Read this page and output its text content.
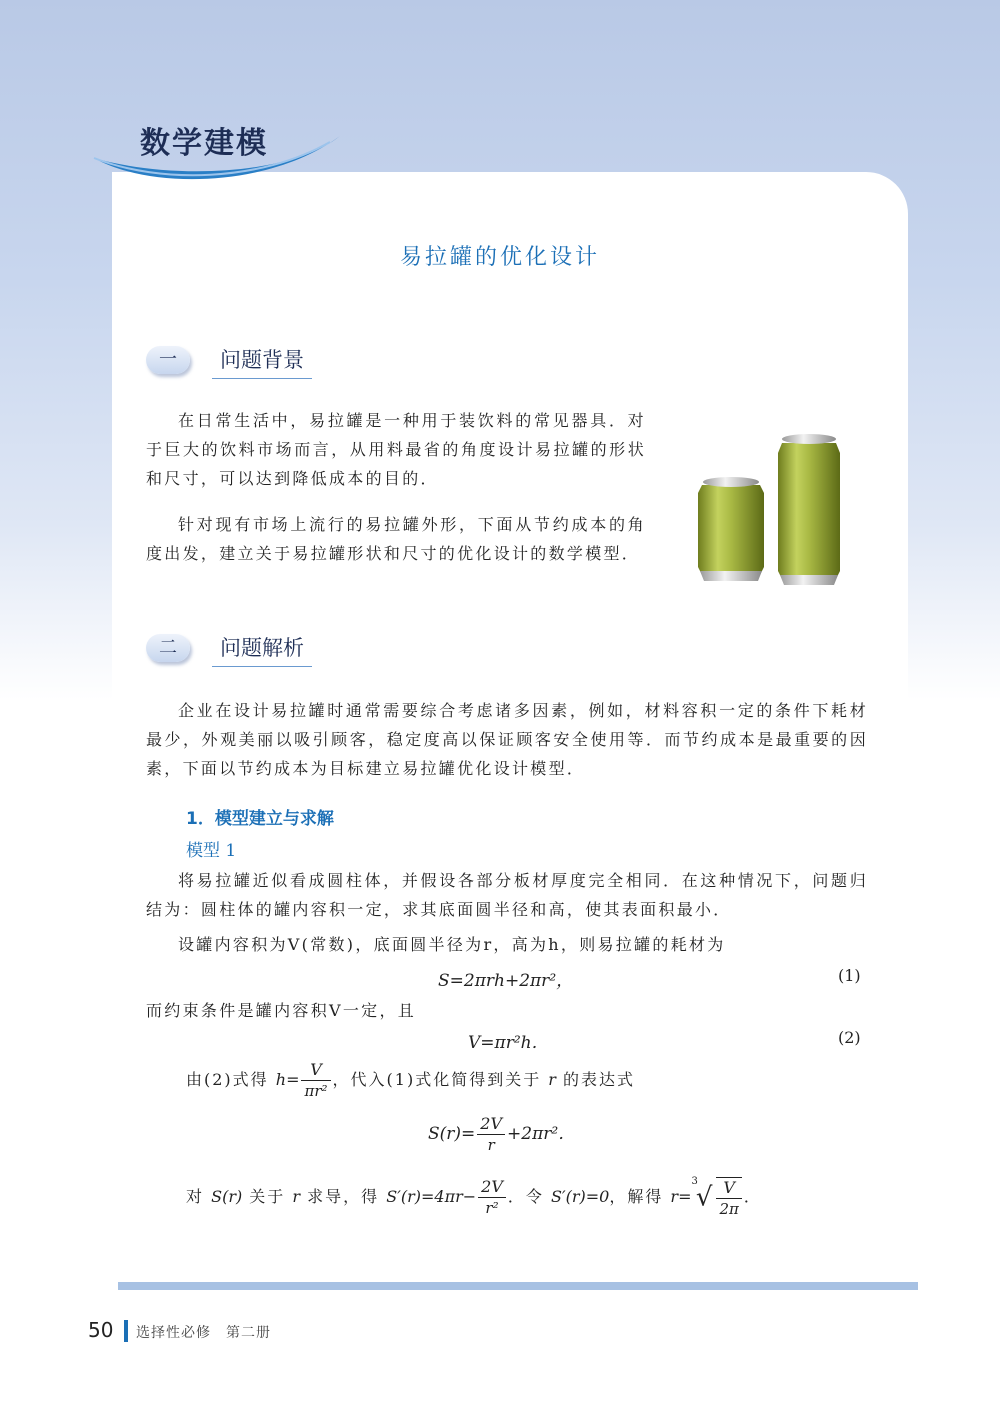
数学建模
易拉罐的优化设计
一	问题背景

在日常生活中，易拉罐是一种用于装饮料的常见器具．对于巨大的饮料市场而言，从用料最省的角度设计易拉罐的形状和尺寸，可以达到降低成本的目的．

针对现有市场上流行的易拉罐外形，下面从节约成本的角度出发，建立关于易拉罐形状和尺寸的优化设计的数学模型．

二	问题解析

企业在设计易拉罐时通常需要综合考虑诸多因素，例如，材料容积一定的条件下耗材最少，外观美丽以吸引顾客，稳定度高以保证顾客安全使用等．而节约成本是最重要的因素，下面以节约成本为目标建立易拉罐优化设计模型．

1．模型建立与求解
模型 1

将易拉罐近似看成圆柱体，并假设各部分板材厚度完全相同．在这种情况下，问题归结为：圆柱体的罐内容积一定，求其底面圆半径和高，使其表面积最小．

设罐内容积为V(常数)，底面圆半径为r，高为h，则易拉罐的耗材为

S=2πrh+2πr²，	(1)

而约束条件是罐内容积V一定，且

V=πr²h．	(2)
由(2)式得 $h= \frac{V}{\text{πr²}}$ ，代入(1)式化简得到关于 r 的表达式
$S(r)= \frac{2V}{r} +2\pi r^2$．
对 S(r) 关于 r 求导，得 $S'(r)=4\pi r- \frac{2V}{\text{r²}}$ ．令 S′(r)=0，解得 $r=^3√ \frac{V}{2\pi}$ ．
50 选择性必修　第二册
